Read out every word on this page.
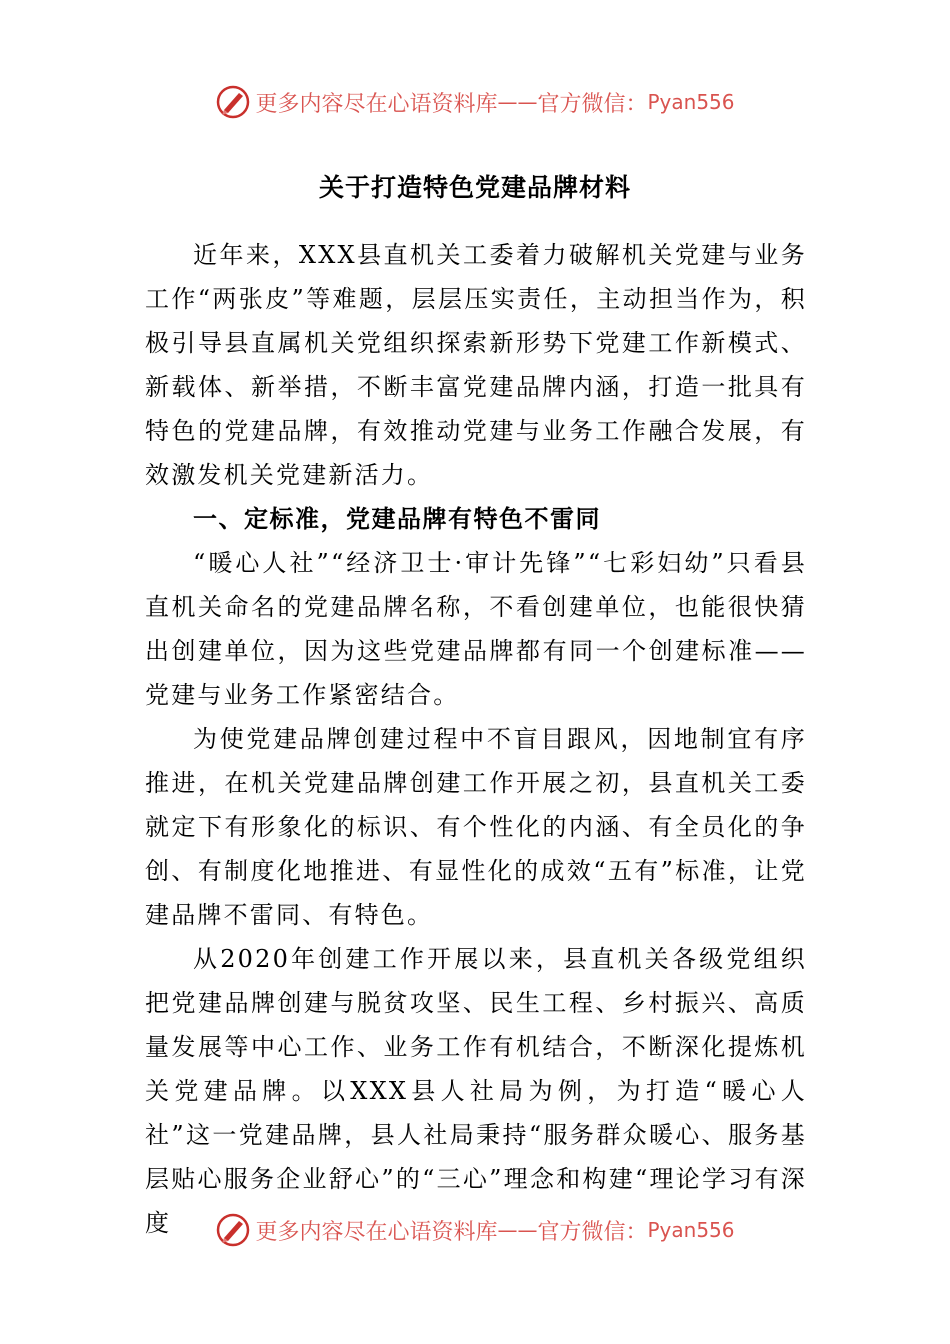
更多内容尽在心语资料库 —— 官方微信： Pyan556
关于打造特色党建品牌材料

近年来，XXX县直机关工委着力破解机关党建与业务工作“两张皮”等难题，层层压实责任，主动担当作为，积极引导县直属机关党组织探索新形势下党建工作新模式、新载体、新举措，不断丰富党建品牌内涵，打造一批具有特色的党建品牌，有效推动党建与业务工作融合发展，有效激发机关党建新活力。

一、定标准，党建品牌有特色不雷同

“暖心人社”“经济卫士·审计先锋”“七彩妇幼”只看县直机关命名的党建品牌名称，不看创建单位，也能很快猜出创建单位，因为这些党建品牌都有同一个创建标准——党建与业务工作紧密结合。

为使党建品牌创建过程中不盲目跟风，因地制宜有序推进，在机关党建品牌创建工作开展之初，县直机关工委就定下有形象化的标识、有个性化的内涵、有全员化的争创、有制度化地推进、有显性化的成效“五有”标准，让党建品牌不雷同、有特色。

从2020年创建工作开展以来，县直机关各级党组织把党建品牌创建与脱贫攻坚、民生工程、乡村振兴、高质量发展等中心工作、业务工作有机结合，不断深化提炼机关党建品牌。以XXX县人社局为例，为打造“暖心人社”这一党建品牌，县人社局秉持“服务群众暖心、服务基层贴心服务企业舒心”的“三心”理念和构建“理论学习有深度	更多内容尽在心语资料库 —— 官方微信： Pyan556
